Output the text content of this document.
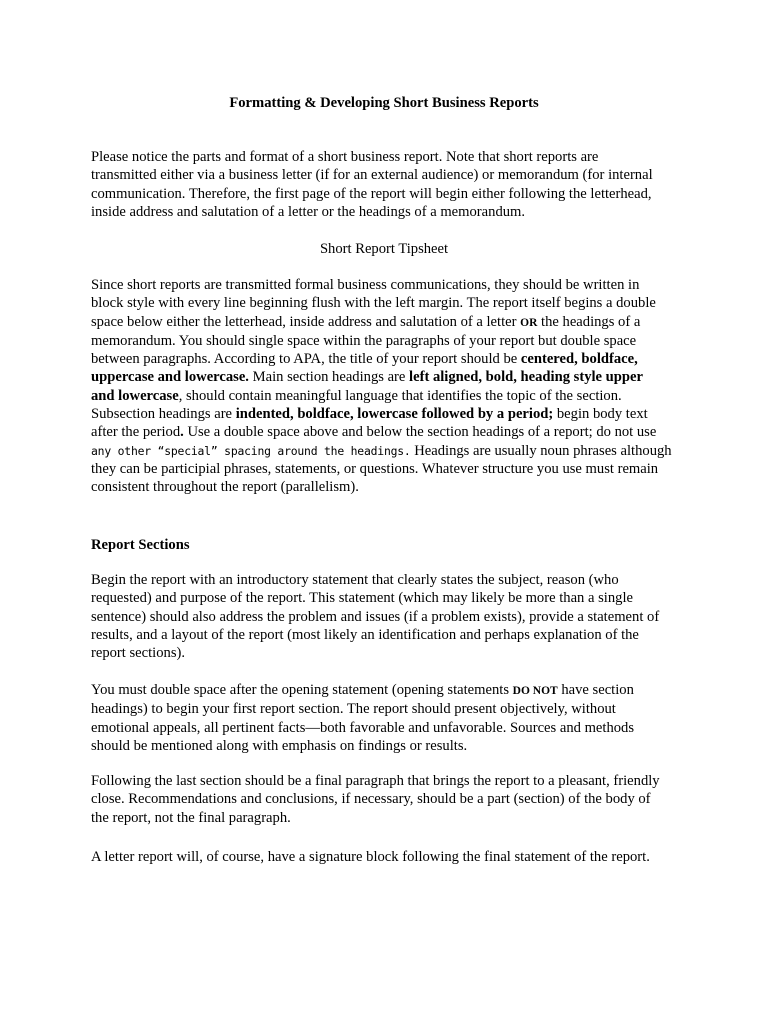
Formatting & Developing Short Business Reports
Please notice the parts and format of a short business report. Note that short reports are
transmitted either via a business letter (if for an external audience) or memorandum (for internal
communication. Therefore, the first page of the report will begin either following the letterhead,
inside address and salutation of a letter or the headings of a memorandum.
Short Report Tipsheet
Since short reports are transmitted formal business communications, they should be written in
block style with every line beginning flush with the left margin. The report itself begins a double
space below either the letterhead, inside address and salutation of a letter OR the headings of a
memorandum. You should single space within the paragraphs of your report but double space
between paragraphs. According to APA, the title of your report should be centered, boldface,
uppercase and lowercase. Main section headings are left aligned, bold, heading style upper
and lowercase, should contain meaningful language that identifies the topic of the section.
Subsection headings are indented, boldface, lowercase followed by a period; begin body text
after the period. Use a double space above and below the section headings of a report; do not use
any other “special” spacing around the headings. Headings are usually noun phrases although
they can be participial phrases, statements, or questions. Whatever structure you use must remain
consistent throughout the report (parallelism).
Report Sections
Begin the report with an introductory statement that clearly states the subject, reason (who
requested) and purpose of the report. This statement (which may likely be more than a single
sentence) should also address the problem and issues (if a problem exists), provide a statement of
results, and a layout of the report (most likely an identification and perhaps explanation of the
report sections).
You must double space after the opening statement (opening statements DO NOT have section
headings) to begin your first report section. The report should present objectively, without
emotional appeals, all pertinent facts—both favorable and unfavorable. Sources and methods
should be mentioned along with emphasis on findings or results.
Following the last section should be a final paragraph that brings the report to a pleasant, friendly
close. Recommendations and conclusions, if necessary, should be a part (section) of the body of
the report, not the final paragraph.
A letter report will, of course, have a signature block following the final statement of the report.
